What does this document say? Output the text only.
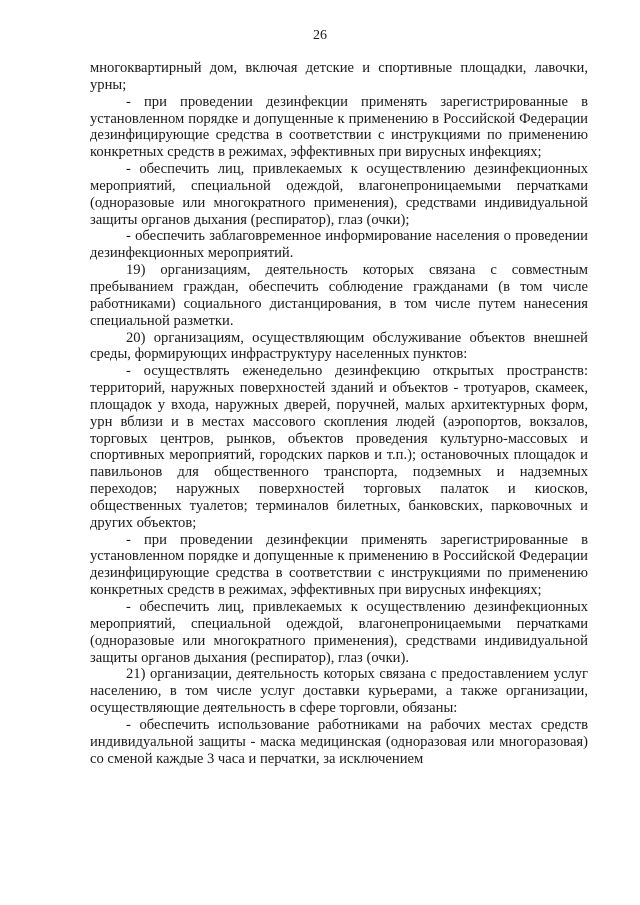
26

многоквартирный дом, включая детские и спортивные площадки, лавочки, урны;

- при проведении дезинфекции применять зарегистрированные в установленном порядке и допущенные к применению в Российской Федерации дезинфицирующие средства в соответствии с инструкциями по применению конкретных средств в режимах, эффективных при вирусных инфекциях;

- обеспечить лиц, привлекаемых к осуществлению дезинфекционных мероприятий, специальной одеждой, влагонепроницаемыми перчатками (одноразовые или многократного применения), средствами индивидуальной защиты органов дыхания (респиратор), глаз (очки);

- обеспечить заблаговременное информирование населения о проведении дезинфекционных мероприятий.

19) организациям, деятельность которых связана с совместным пребыванием граждан, обеспечить соблюдение гражданами (в том числе работниками) социального дистанцирования, в том числе путем нанесения специальной разметки.

20) организациям, осуществляющим обслуживание объектов внешней среды, формирующих инфраструктуру населенных пунктов:

- осуществлять еженедельно дезинфекцию открытых пространств: территорий, наружных поверхностей зданий и объектов - тротуаров, скамеек, площадок у входа, наружных дверей, поручней, малых архитектурных форм, урн вблизи и в местах массового скопления людей (аэропортов, вокзалов, торговых центров, рынков, объектов проведения культурно-массовых и спортивных мероприятий, городских парков и т.п.); остановочных площадок и павильонов для общественного транспорта, подземных и надземных переходов; наружных поверхностей торговых палаток и киосков, общественных туалетов; терминалов билетных, банковских, парковочных и других объектов;

- при проведении дезинфекции применять зарегистрированные в установленном порядке и допущенные к применению в Российской Федерации дезинфицирующие средства в соответствии с инструкциями по применению конкретных средств в режимах, эффективных при вирусных инфекциях;

- обеспечить лиц, привлекаемых к осуществлению дезинфекционных мероприятий, специальной одеждой, влагонепроницаемыми перчатками (одноразовые или многократного применения), средствами индивидуальной защиты органов дыхания (респиратор), глаз (очки).

21) организации, деятельность которых связана с предоставлением услуг населению, в том числе услуг доставки курьерами, а также организации, осуществляющие деятельность в сфере торговли, обязаны:

- обеспечить использование работниками на рабочих местах средств индивидуальной защиты - маска медицинская (одноразовая или многоразовая) со сменой каждые 3 часа и перчатки, за исключением
